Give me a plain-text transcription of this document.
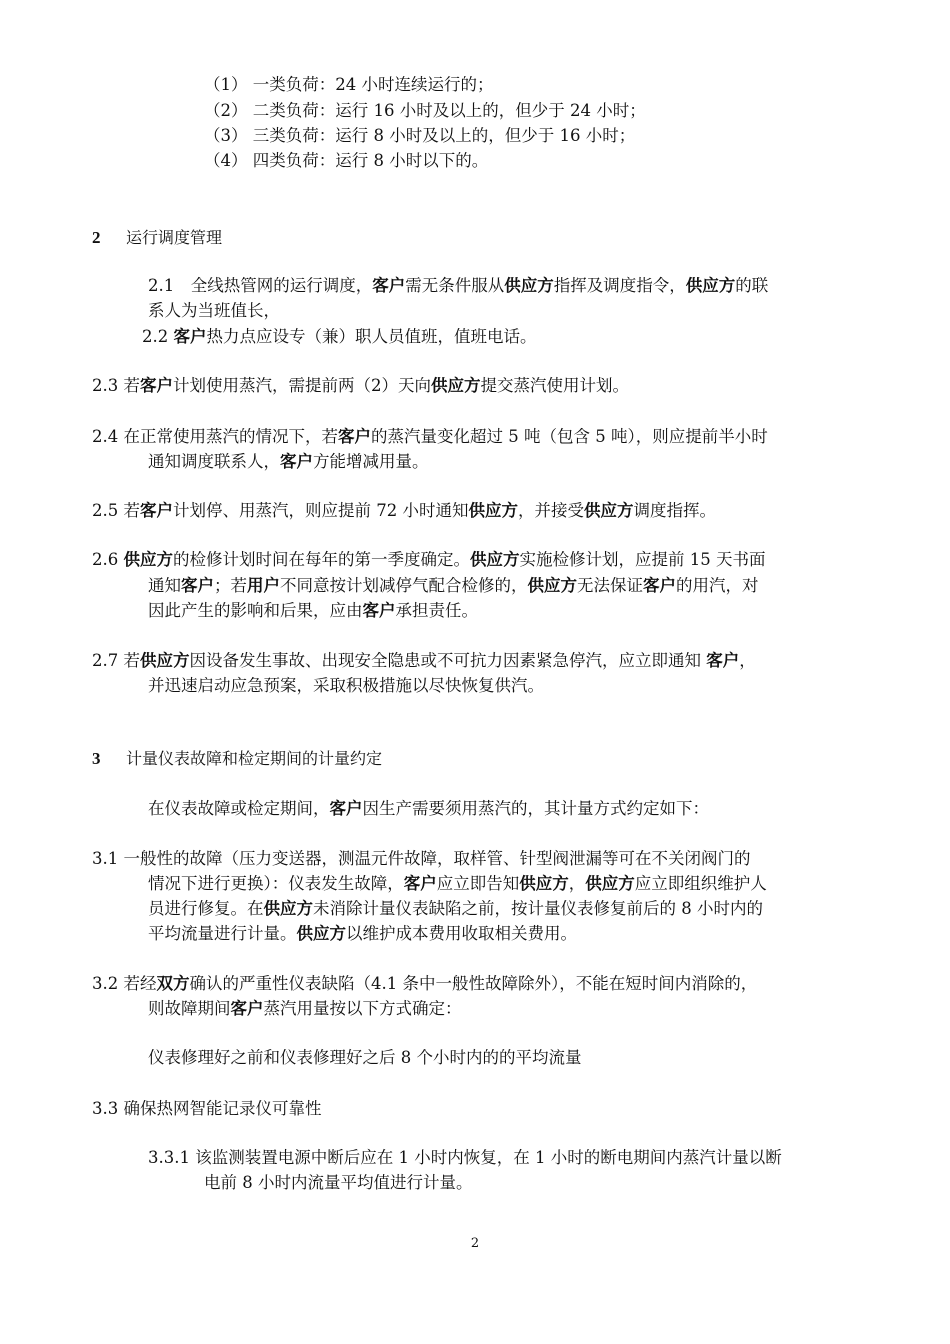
（1） 一类负荷：24 小时连续运行的；
（2） 二类负荷：运行 16 小时及以上的，但少于 24 小时；
（3） 三类负荷：运行 8 小时及以上的，但少于 16 小时；
（4） 四类负荷：运行 8 小时以下的。
2 运行调度管理
2.1　全线热管网的运行调度，客户需无条件服从供应方指挥及调度指令，供应方的联
系人为当班值长，
2.2 客户热力点应设专（兼）职人员值班，值班电话。
2.3 若客户计划使用蒸汽，需提前两（2）天向供应方提交蒸汽使用计划。
2.4 在正常使用蒸汽的情况下，若客户的蒸汽量变化超过 5 吨（包含 5 吨），则应提前半小时
通知调度联系人，客户方能增减用量。
2.5 若客户计划停、用蒸汽，则应提前 72 小时通知供应方，并接受供应方调度指挥。
2.6 供应方的检修计划时间在每年的第一季度确定。供应方实施检修计划，应提前 15 天书面
通知客户；若用户不同意按计划减停气配合检修的，供应方无法保证客户的用汽，对
因此产生的影响和后果，应由客户承担责任。
2.7 若供应方因设备发生事故、出现安全隐患或不可抗力因素紧急停汽，应立即通知 客户，
并迅速启动应急预案，采取积极措施以尽快恢复供汽。
3 计量仪表故障和检定期间的计量约定
在仪表故障或检定期间，客户因生产需要须用蒸汽的，其计量方式约定如下：
3.1 一般性的故障（压力变送器，测温元件故障，取样管、针型阀泄漏等可在不关闭阀门的
情况下进行更换）：仪表发生故障，客户应立即告知供应方，供应方应立即组织维护人
员进行修复。在供应方未消除计量仪表缺陷之前，按计量仪表修复前后的 8 小时内的
平均流量进行计量。供应方以维护成本费用收取相关费用。
3.2 若经双方确认的严重性仪表缺陷（4.1 条中一般性故障除外），不能在短时间内消除的，
则故障期间客户蒸汽用量按以下方式确定：
仪表修理好之前和仪表修理好之后 8 个小时内的的平均流量
3.3 确保热网智能记录仪可靠性
3.3.1 该监测装置电源中断后应在 1 小时内恢复，在 1 小时的断电期间内蒸汽计量以断
电前 8 小时内流量平均值进行计量。
2
